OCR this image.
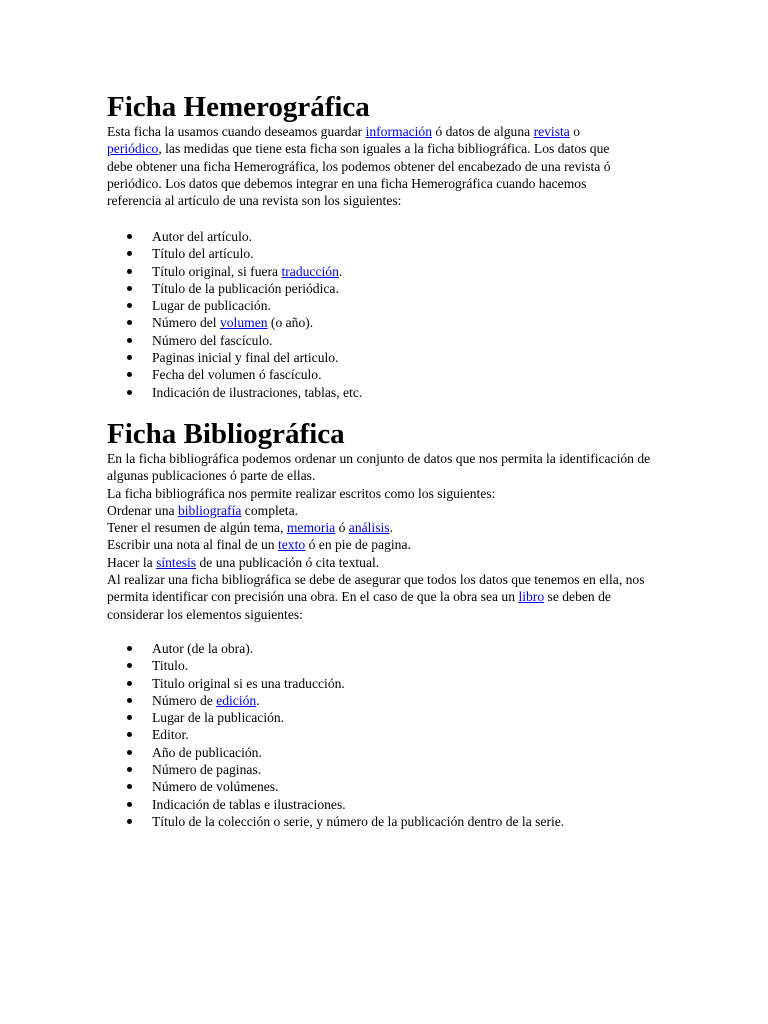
Ficha Hemerográfica

Esta ficha la usamos cuando deseamos guardar información ó datos de alguna revista o periódico, las medidas que tiene esta ficha son iguales a la ficha bibliográfica. Los datos que debe obtener una ficha Hemerográfica, los podemos obtener del encabezado de una revista ó periódico. Los datos que debemos integrar en una ficha Hemerográfica cuando hacemos referencia al artículo de una revista son los siguientes:

Autor del artículo.
Título del artículo.
Título original, si fuera traducción.
Título de la publicación periódica.
Lugar de publicación.
Número del volumen (o año).
Número del fascículo.
Paginas inicial y final del articulo.
Fecha del volumen ó fascículo.
Indicación de ilustraciones, tablas, etc.
Ficha Bibliográfica

En la ficha bibliográfica podemos ordenar un conjunto de datos que nos permita la identificación de algunas publicaciones ó parte de ellas.
La ficha bibliográfica nos permite realizar escritos como los siguientes:
Ordenar una bibliografía completa.
Tener el resumen de algún tema, memoria ó análisis.
Escribir una nota al final de un texto ó en pie de pagina.
Hacer la síntesis de una publicación ó cita textual.
Al realizar una ficha bibliográfica se debe de asegurar que todos los datos que tenemos en ella, nos permita identificar con precisión una obra. En el caso de que la obra sea un libro se deben de considerar los elementos siguientes:

Autor (de la obra).
Titulo.
Titulo original si es una traducción.
Número de edición.
Lugar de la publicación.
Editor.
Año de publicación.
Número de paginas.
Número de volúmenes.
Indicación de tablas e ilustraciones.
Título de la colección o serie, y número de la publicación dentro de la serie.
